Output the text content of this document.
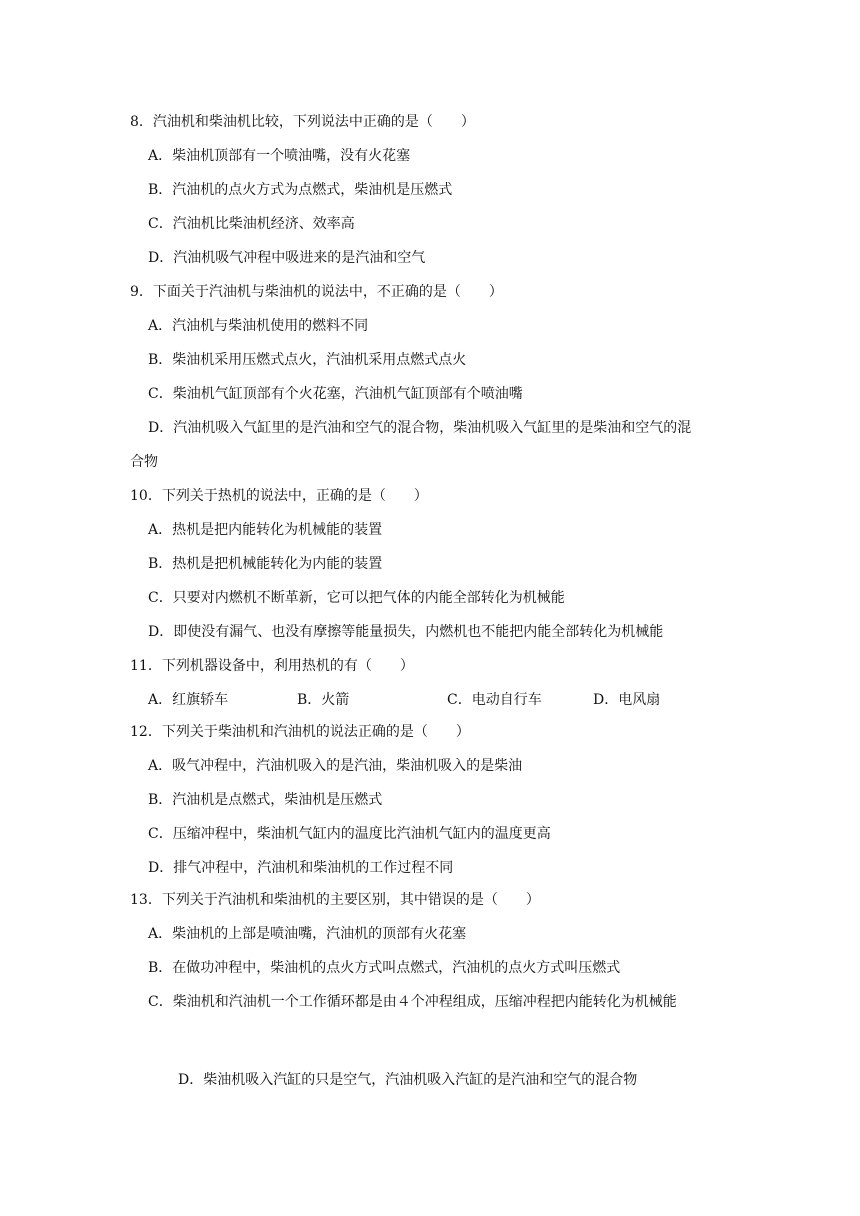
8．汽油机和柴油机比较，下列说法中正确的是（　　）
A．柴油机顶部有一个喷油嘴，没有火花塞
B．汽油机的点火方式为点燃式，柴油机是压燃式
C．汽油机比柴油机经济、效率高
D．汽油机吸气冲程中吸进来的是汽油和空气
9．下面关于汽油机与柴油机的说法中，不正确的是（　　）
A．汽油机与柴油机使用的燃料不同
B．柴油机采用压燃式点火，汽油机采用点燃式点火
C．柴油机气缸顶部有个火花塞，汽油机气缸顶部有个喷油嘴
D．汽油机吸入气缸里的是汽油和空气的混合物，柴油机吸入气缸里的是柴油和空气的混
合物
10．下列关于热机的说法中，正确的是（　　）
A．热机是把内能转化为机械能的装置
B．热机是把机械能转化为内能的装置
C．只要对内燃机不断革新，它可以把气体的内能全部转化为机械能
D．即使没有漏气、也没有摩擦等能量损失，内燃机也不能把内能全部转化为机械能
11．下列机器设备中，利用热机的有（　　）
A．红旗轿车	B．火箭	C．电动自行车	D．电风扇
12．下列关于柴油机和汽油机的说法正确的是（　　）
A．吸气冲程中，汽油机吸入的是汽油，柴油机吸入的是柴油
B．汽油机是点燃式，柴油机是压燃式
C．压缩冲程中，柴油机气缸内的温度比汽油机气缸内的温度更高
D．排气冲程中，汽油机和柴油机的工作过程不同
13．下列关于汽油机和柴油机的主要区别，其中错误的是（　　）
A．柴油机的上部是喷油嘴，汽油机的顶部有火花塞
B．在做功冲程中，柴油机的点火方式叫点燃式，汽油机的点火方式叫压燃式
C．柴油机和汽油机一个工作循环都是由４个冲程组成，压缩冲程把内能转化为机械能
D．柴油机吸入汽缸的只是空气，汽油机吸入汽缸的是汽油和空气的混合物
